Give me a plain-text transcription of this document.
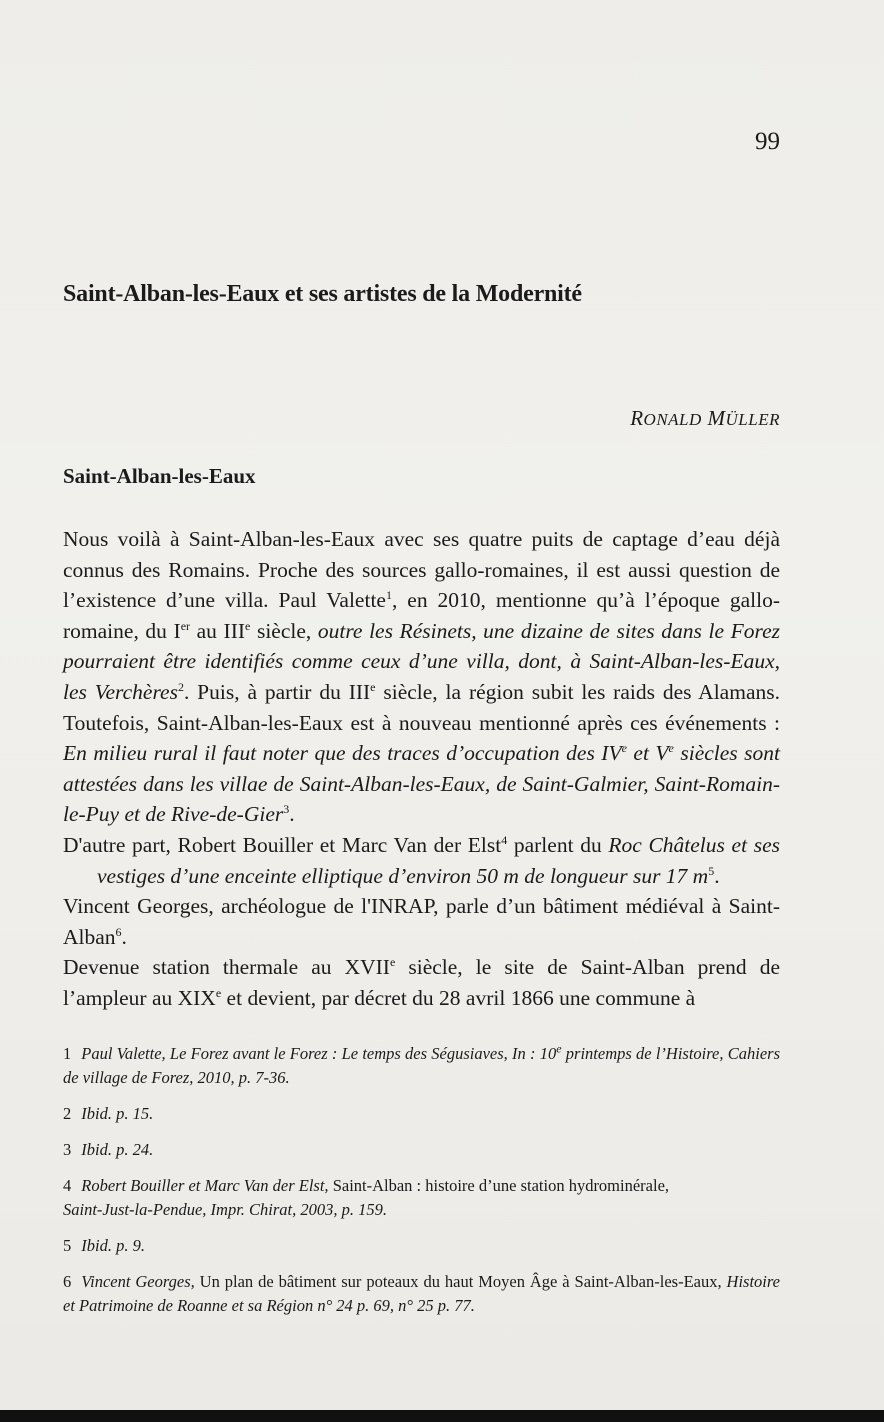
99
Saint-Alban-les-Eaux et ses artistes de la Modernité
RONALD MÜLLER
Saint-Alban-les-Eaux

Nous voilà à Saint-Alban-les-Eaux avec ses quatre puits de captage d’eau déjà connus des Romains. Proche des sources gallo-romaines, il est aussi question de l’existence d’une villa. Paul Valette$^1$, en 2010, mentionne qu’à l’époque gallo-romaine, du Ier au IIIe siècle, outre les Résinets, une dizaine de sites dans le Forez pourraient être identifiés comme ceux d’une villa, dont, à Saint-Alban-les-Eaux, les Verchères$^2$. Puis, à partir du IIIe siècle, la région subit les raids des Alamans. Toutefois, Saint-Alban-les-Eaux est à nouveau mentionné après ces événements : En milieu rural il faut noter que des traces d’occupation des IVe et Ve siècles sont attestées dans les villae de Saint-Alban-les-Eaux, de Saint-Galmier, Saint-Romain-le-Puy et de Rive-de-Gier$^3$.

D'autre part, Robert Bouiller et Marc Van der Elst$^4$ parlent du Roc Châtelus et sesvestiges d’une enceinte elliptique d’environ 50 m de longueur sur 17 $m^5$.

Vincent Georges, archéologue de l'INRAP, parle d’un bâtiment médiéval à Saint-Alban$^6$.

Devenue station thermale au XVIIe siècle, le site de Saint-Alban prend de l’ampleur au XIXe et devient, par décret du 28 avril 1866 une commune à

1 Paul Valette, Le Forez avant le Forez : Le temps des Ségusiaves, In : 10e printemps de l’Histoire, Cahiers de village de Forez, 2010, p. 7-36.

2 Ibid. p. 15.

3 Ibid. p. 24.

4 Robert Bouiller et Marc Van der Elst, Saint-Alban : histoire d’une station hydrominérale,
Saint-Just-la-Pendue, Impr. Chirat, 2003, p. 159.

5 Ibid. p. 9.

6 Vincent Georges, Un plan de bâtiment sur poteaux du haut Moyen Âge à Saint-Alban-les-Eaux, Histoire et Patrimoine de Roanne et sa Région n° 24 p. 69, n° 25 p. 77.
